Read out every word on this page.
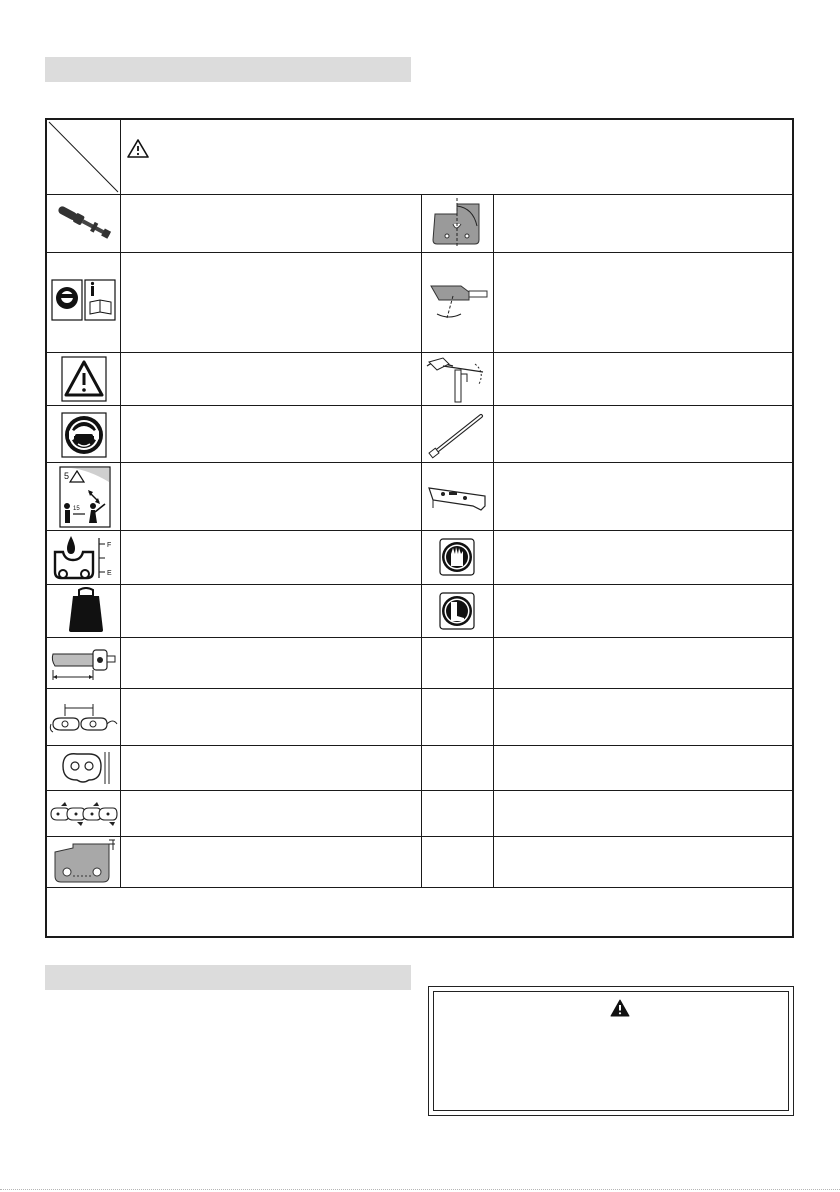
5
15
F
E
